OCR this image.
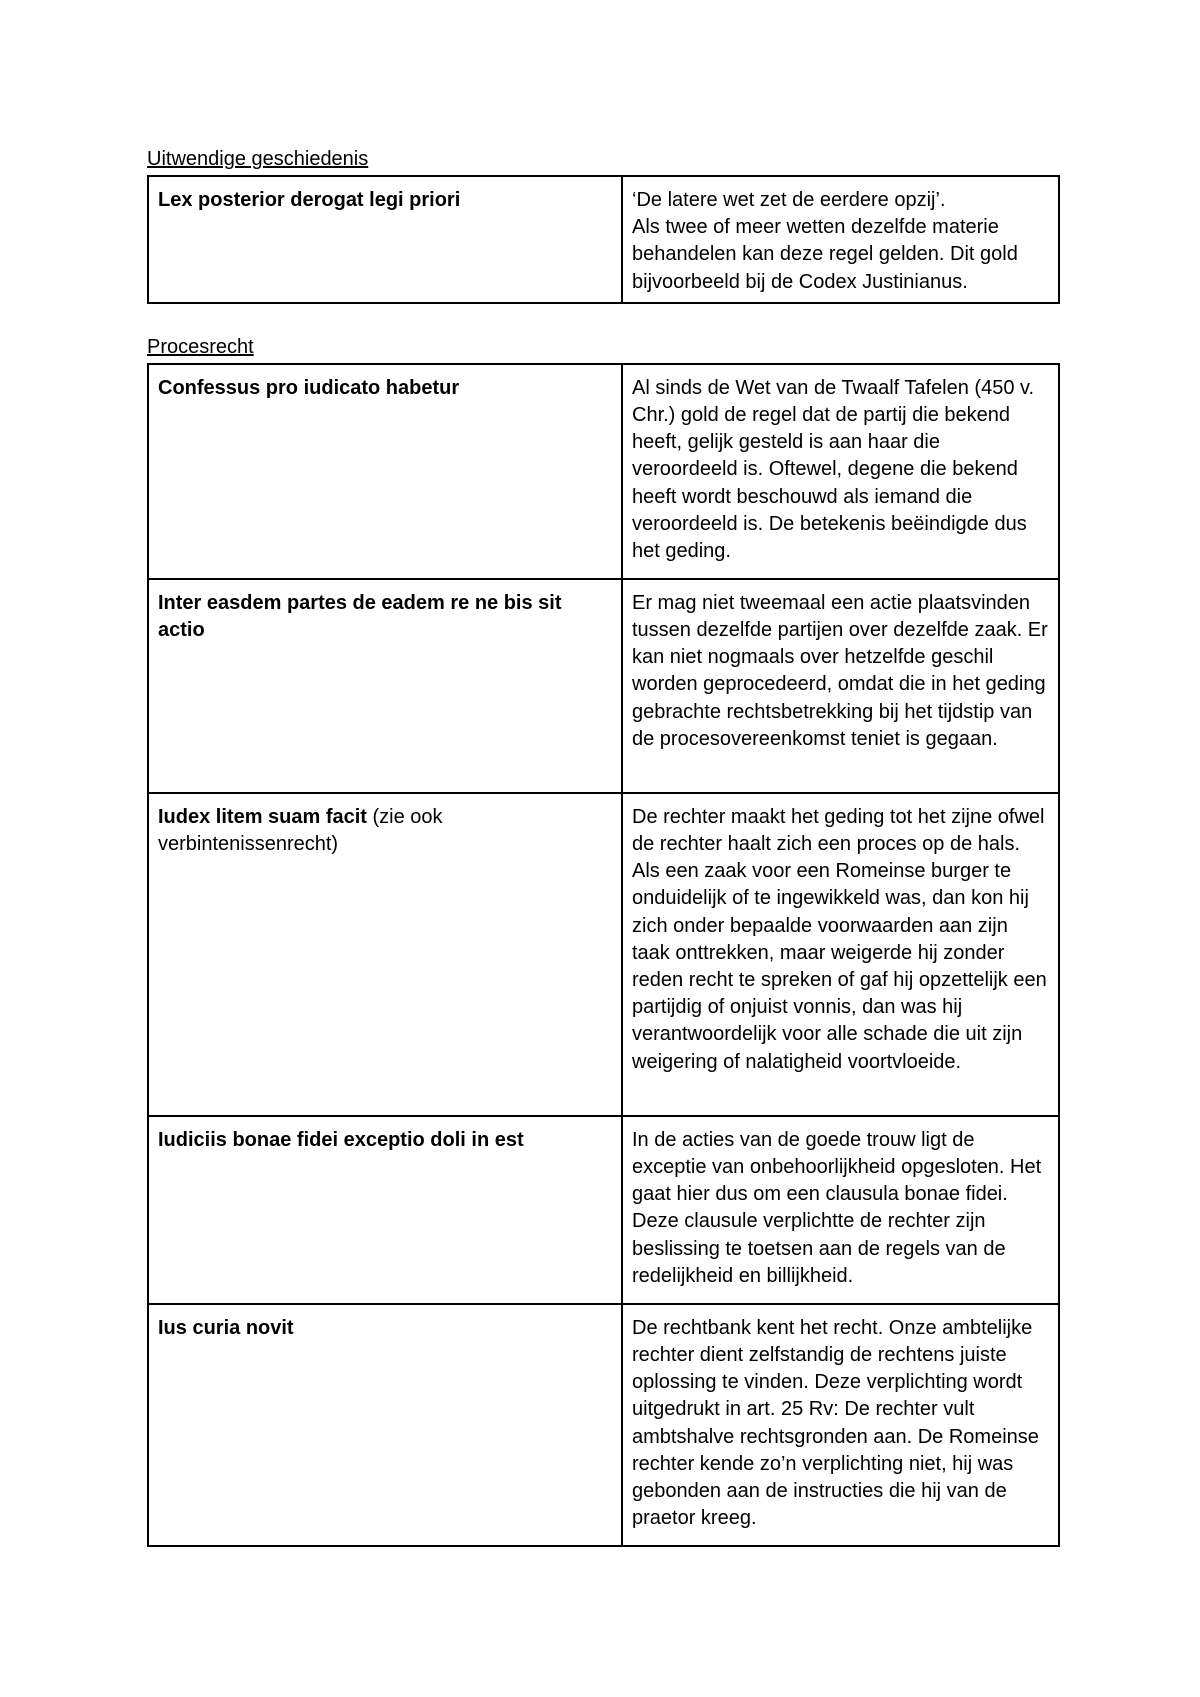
Uitwendige geschiedenis
Lex posterior derogat legi priori	‘De latere wet zet de eerdere opzij’.
Als twee of meer wetten dezelfde materie behandelen kan deze regel gelden. Dit gold bijvoorbeeld bij de Codex Justinianus.
Procesrecht
Confessus pro iudicato habetur	Al sinds de Wet van de Twaalf Tafelen (450 v. Chr.) gold de regel dat de partij die bekend heeft, gelijk gesteld is aan haar die veroordeeld is. Oftewel, degene die bekend heeft wordt beschouwd als iemand die veroordeeld is. De betekenis beëindigde dus het geding.
Inter easdem partes de eadem re ne bis sit actio	Er mag niet tweemaal een actie plaatsvinden tussen dezelfde partijen over dezelfde zaak. Er kan niet nogmaals over hetzelfde geschil worden geprocedeerd, omdat die in het geding gebrachte rechtsbetrekking bij het tijdstip van de procesovereenkomst teniet is gegaan.
Iudex litem suam facit (zie ook verbintenissenrecht)	De rechter maakt het geding tot het zijne ofwel de rechter haalt zich een proces op de hals. Als een zaak voor een Romeinse burger te onduidelijk of te ingewikkeld was, dan kon hij zich onder bepaalde voorwaarden aan zijn taak onttrekken, maar weigerde hij zonder reden recht te spreken of gaf hij opzettelijk een partijdig of onjuist vonnis, dan was hij verantwoordelijk voor alle schade die uit zijn weigering of nalatigheid voortvloeide.
Iudiciis bonae fidei exceptio doli in est	In de acties van de goede trouw ligt de exceptie van onbehoorlijkheid opgesloten. Het gaat hier dus om een clausula bonae fidei. Deze clausule verplichtte de rechter zijn beslissing te toetsen aan de regels van de redelijkheid en billijkheid.
Ius curia novit	De rechtbank kent het recht. Onze ambtelijke rechter dient zelfstandig de rechtens juiste oplossing te vinden. Deze verplichting wordt uitgedrukt in art. 25 Rv: De rechter vult ambtshalve rechtsgronden aan. De Romeinse rechter kende zo’n verplichting niet, hij was gebonden aan de instructies die hij van de praetor kreeg.
